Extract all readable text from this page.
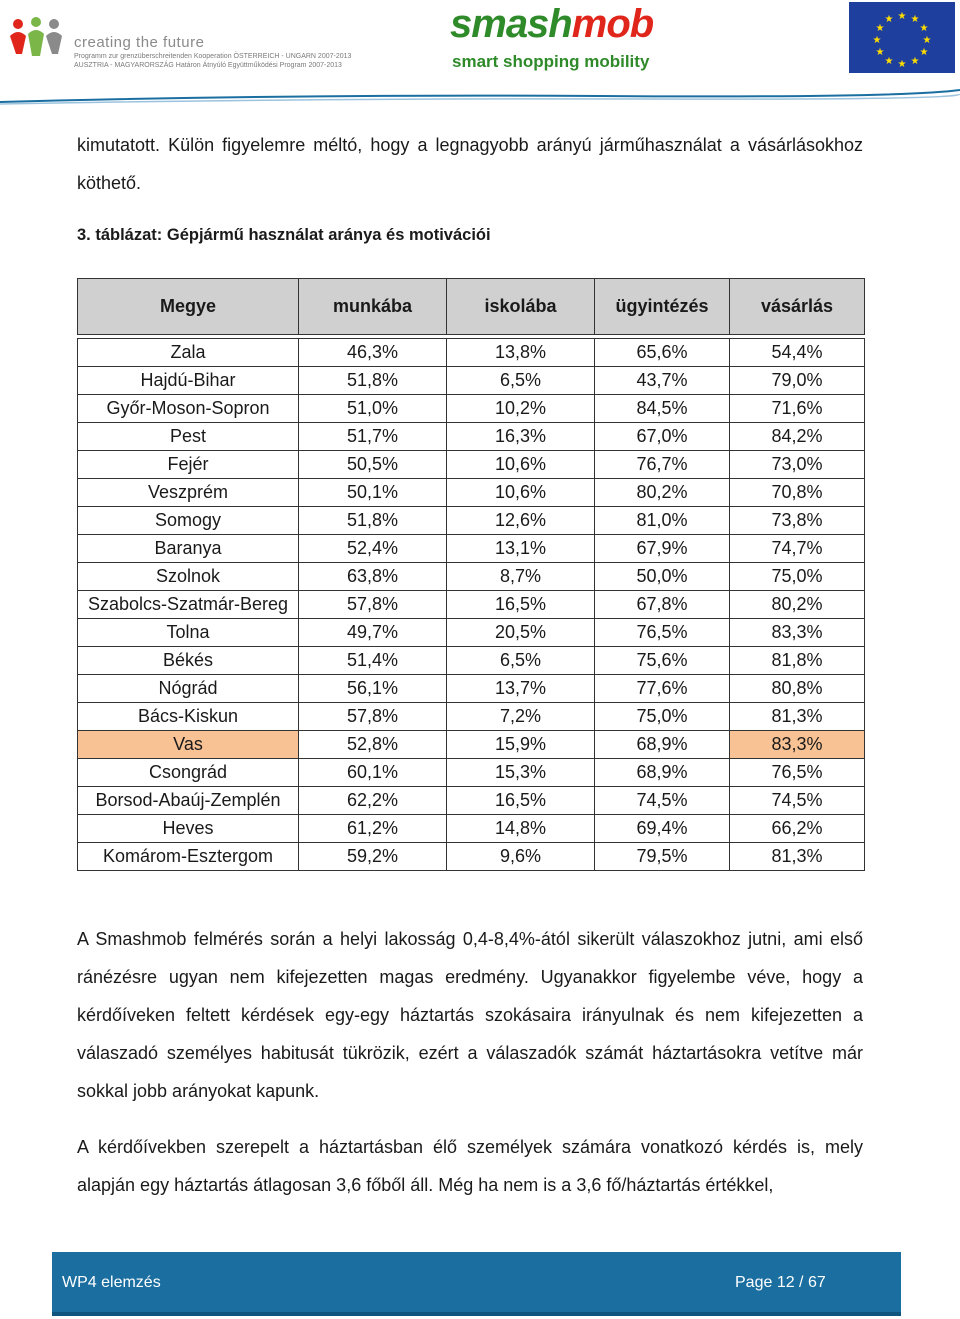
creating the future
Programm zur grenzüberschreitenden Kooperation ÖSTERREICH - UNGARN 2007-2013
AUSZTRIA - MAGYARORSZÁG Határon Átnyúló Együttműködési Program 2007-2013
smashmob
smart shopping mobility
★ ★
★
★
★
★
★
★
★
★
★
★
kimutatott. Külön figyelemre méltó, hogy a legnagyobb arányú járműhasználat a vásárlásokhoz köthető.
3. táblázat: Gépjármű használat aránya és motivációi
Megye	munkába	iskolába	ügyintézés	vásárlás

Zala	46,3%	13,8%	65,6%	54,4%
Hajdú-Bihar	51,8%	6,5%	43,7%	79,0%
Győr-Moson-Sopron	51,0%	10,2%	84,5%	71,6%
Pest	51,7%	16,3%	67,0%	84,2%
Fejér	50,5%	10,6%	76,7%	73,0%
Veszprém	50,1%	10,6%	80,2%	70,8%
Somogy	51,8%	12,6%	81,0%	73,8%
Baranya	52,4%	13,1%	67,9%	74,7%
Szolnok	63,8%	8,7%	50,0%	75,0%
Szabolcs-Szatmár-Bereg	57,8%	16,5%	67,8%	80,2%
Tolna	49,7%	20,5%	76,5%	83,3%
Békés	51,4%	6,5%	75,6%	81,8%
Nógrád	56,1%	13,7%	77,6%	80,8%
Bács-Kiskun	57,8%	7,2%	75,0%	81,3%
Vas	52,8%	15,9%	68,9%	83,3%
Csongrád	60,1%	15,3%	68,9%	76,5%
Borsod-Abaúj-Zemplén	62,2%	16,5%	74,5%	74,5%
Heves	61,2%	14,8%	69,4%	66,2%
Komárom-Esztergom	59,2%	9,6%	79,5%	81,3%
A Smashmob felmérés során a helyi lakosság 0,4-8,4%-ától sikerült válaszokhoz jutni, ami első ránézésre ugyan nem kifejezetten magas eredmény. Ugyanakkor figyelembe véve, hogy a kérdőíveken feltett kérdések egy-egy háztartás szokásaira irányulnak és nem kifejezetten a válaszadó személyes habitusát tükrözik, ezért a válaszadók számát háztartásokra vetítve már sokkal jobb arányokat kapunk.
A kérdőívekben szerepelt a háztartásban élő személyek számára vonatkozó kérdés is, mely alapján egy háztartás átlagosan 3,6 főből áll. Még ha nem is a 3,6 fő/háztartás értékkel,
WP4 elemzés	Page 12 / 67
